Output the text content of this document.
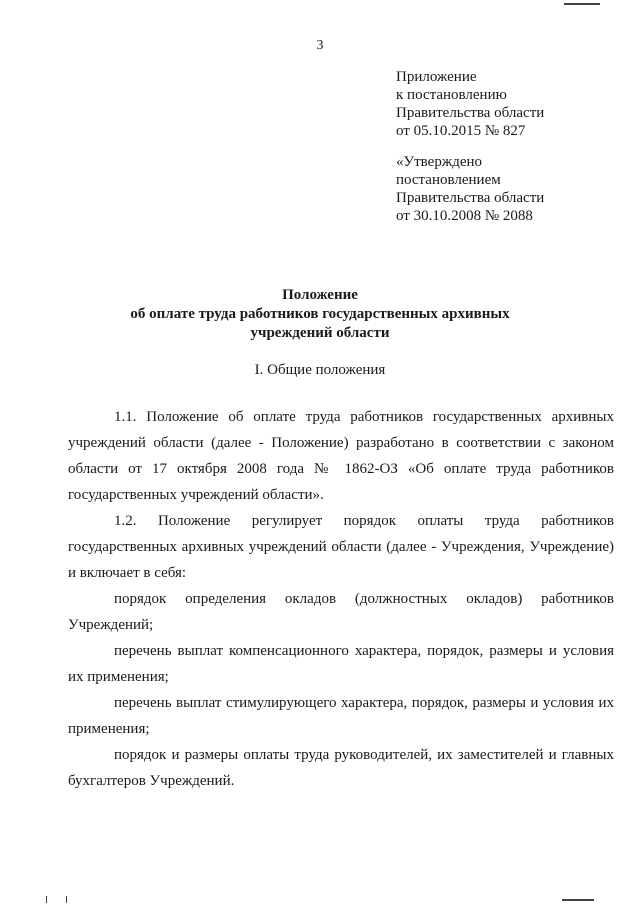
3
Приложение
к постановлению
Правительства области
от 05.10.2015 № 827
«Утверждено
постановлением
Правительства области
от 30.10.2008 № 2088
Положение
об оплате труда работников государственных архивных
учреждений области
I. Общие положения

1.1. Положение об оплате труда работников государственных архивных учреждений области (далее - Положение) разработано в соответствии с законом области от 17 октября 2008 года № 1862-ОЗ «Об оплате труда работников государственных учреждений области».

1.2. Положение регулирует порядок оплаты труда работников государственных архивных учреждений области (далее - Учреждения, Учреждение) и включает в себя:

порядок определения окладов (должностных окладов) работников Учреждений;

перечень выплат компенсационного характера, порядок, размеры и условия их применения;

перечень выплат стимулирующего характера, порядок, размеры и условия их применения;

порядок и размеры оплаты труда руководителей, их заместителей и главных бухгалтеров Учреждений.
